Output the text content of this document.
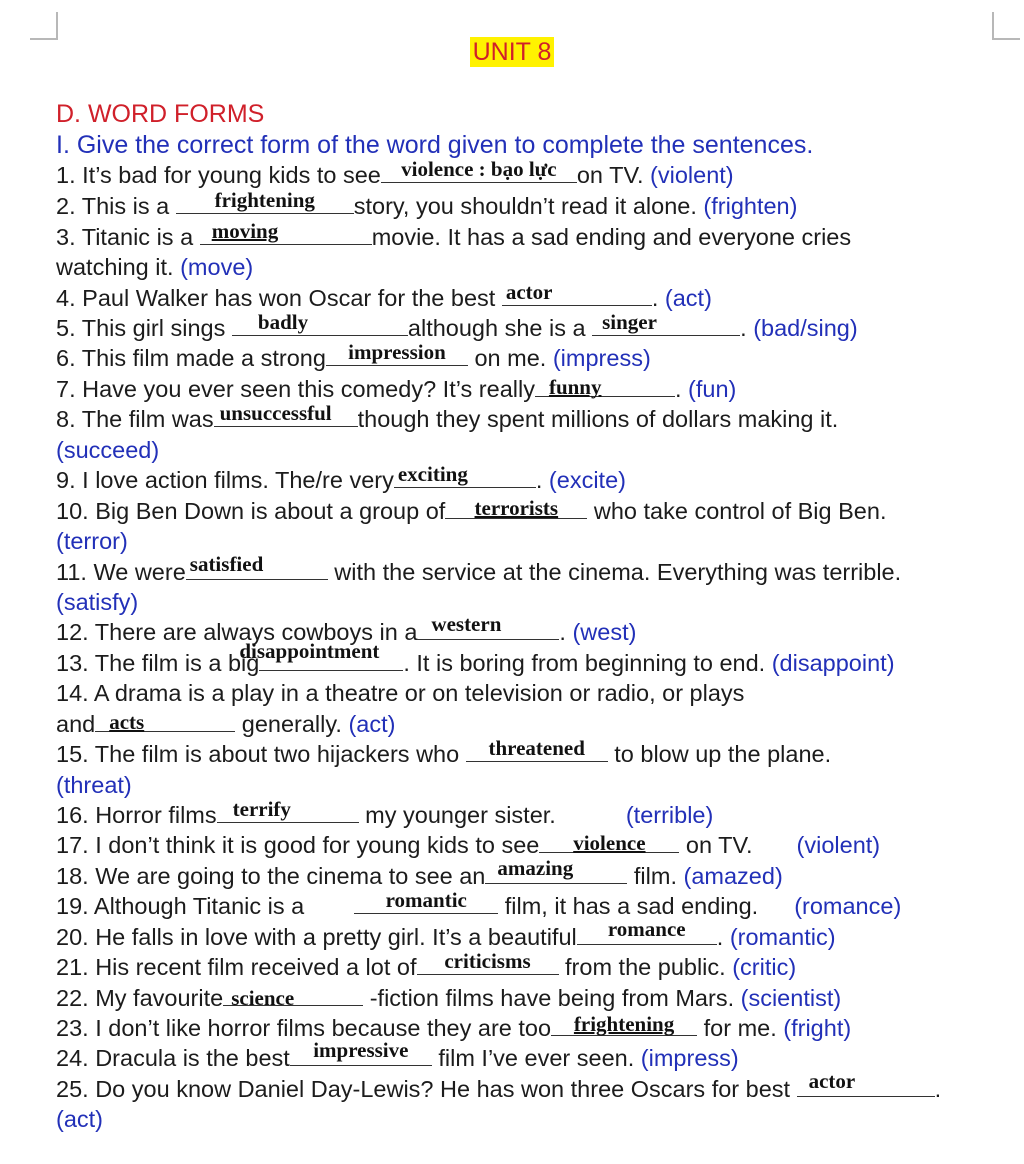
UNIT 8
D. WORD FORMS
I. Give the correct form of the word given to complete the sentences.
1. It’s bad for young kids to see violence : bạo lực on TV. (violent)
2. This is a	frightening	story, you shouldn’t read it alone. (frighten)
3. Titanic is a moving	movie. It has a sad ending and everyone cries
watching it. (move)
4. Paul Walker has won Oscar for the best actor	. (act)
5. This girl sings	badly	although she is a singer	. (bad/sing)
6. This film made a strong	impression	on me. (impress)
7. Have you ever seen this comedy? It’s really funny	. (fun)
8. The film was unsuccessful	though they spent millions of dollars making it.
(succeed)
9. I love action films. The/re very exciting	. (excite)
10. Big Ben Down is about a group of	terrorists	who take control of Big Ben.
(terror)
11. We were satisfied	with the service at the cinema. Everything was terrible.
(satisfy)
12. There are always cowboys in a western	. (west)
13. The film is a big
disappointment . It is boring from beginning to end. (disappoint)
14. A drama is a play in a theatre or on television or radio, or plays
and acts	generally. (act)
15. The film is about two hijackers who	threatened	to blow up the plane.
(threat)
16. Horror films terrify	my younger sister.	(terrible)
17. I don’t think it is good for young kids to see	violence	on TV. (violent)
18. We are going to the cinema to see an amazing	film. (amazed)
19. Although Titanic is a	romantic	film, it has a sad ending. (romance)
20. He falls in love with a pretty girl. It’s a beautiful	romance	. (romantic)
21. His recent film received a lot of	criticisms	from the public. (critic)
22. My favourite science	-fiction films have being from Mars. (scientist)
23. I don’t like horror films because they are too	frightening	for me. (fright)
24. Dracula is the best	impressive	film I’ve ever seen. (impress)
25. Do you know Daniel Day-Lewis? He has won three Oscars for best actor	.
(act)
